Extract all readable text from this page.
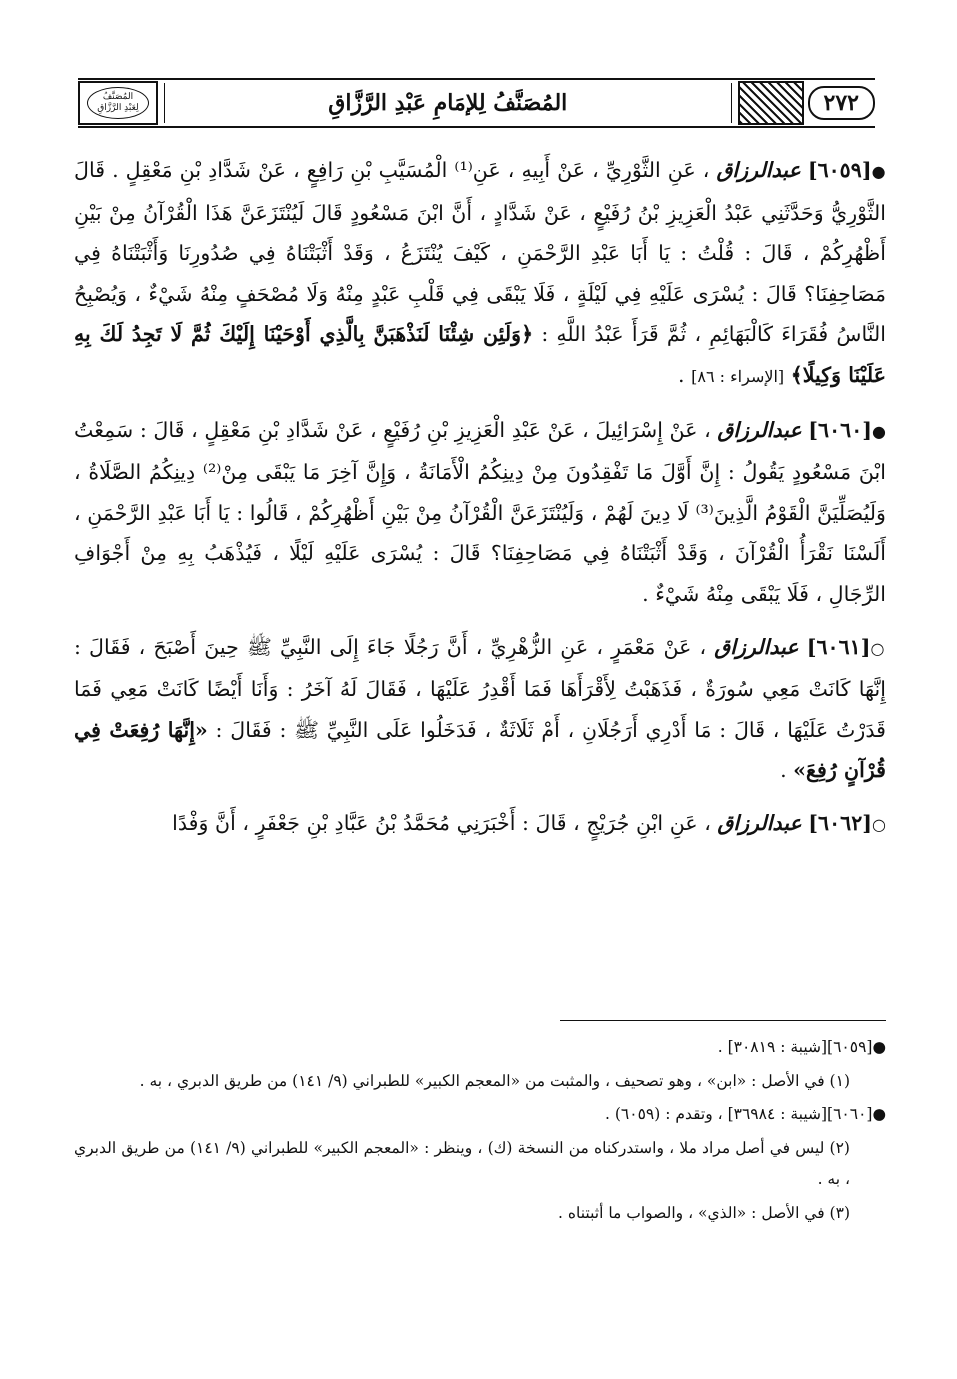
٢٧٢
المُصَنَّفُ لِلإمَامِ عَبْدِ الرَّزَّاقِ
المُصَنَّفُ
لِعَبْدِ الرَّزَّاقِ

●[٦٠٥٩] عبدالرزاق ، عَنِ الثَّوْرِيِّ ، عَنْ أَبِيهِ ، عَنِ⁽¹⁾ الْمُسَيَّبِ بْنِ رَافِعٍ ، عَنْ شَدَّادِ بْنِ مَعْقِلٍ . قَالَ الثَّوْرِيُّ وَحَدَّثَنِي عَبْدُ الْعَزِيزِ بْنُ رُفَيْعٍ ، عَنْ شَدَّادٍ ، أَنَّ ابْنَ مَسْعُودٍ قَالَ لَيُنْتَزَعَنَّ هَذَا الْقُرْآنُ مِنْ بَيْنِ أَظْهُرِكُمْ ، قَالَ : قُلْتُ : يَا أَبَا عَبْدِ الرَّحْمَنِ ، كَيْفَ يُنْتَزَعُ ، وَقَدْ أَثْبَتْنَاهُ فِي صُدُورِنَا وَأَثْبَتْنَاهُ فِي مَصَاحِفِنَا؟ قَالَ : يُسْرَى عَلَيْهِ فِي لَيْلَةٍ ، فَلَا يَبْقَى فِي قَلْبِ عَبْدٍ مِنْهُ وَلَا مُصْحَفٍ مِنْهُ شَيْءٌ ، وَيُصْبِحُ النَّاسُ فُقَرَاءَ كَالْبَهَائِمِ ، ثُمَّ قَرَأَ عَبْدُ اللَّهِ : ﴿وَلَئِن شِئْنَا لَنَذْهَبَنَّ بِالَّذِي أَوْحَيْنَا إِلَيْكَ ثُمَّ لَا تَجِدُ لَكَ بِهِ عَلَيْنَا وَكِيلًا﴾ [الإسراء : ٨٦] .

●[٦٠٦٠] عبدالرزاق ، عَنْ إِسْرَائِيلَ ، عَنْ عَبْدِ الْعَزِيزِ بْنِ رُفَيْعٍ ، عَنْ شَدَّادِ بْنِ مَعْقِلٍ ، قَالَ : سَمِعْتُ ابْنَ مَسْعُودٍ يَقُولُ : إِنَّ أَوَّلَ مَا تَفْقِدُونَ مِنْ دِينِكُمُ الْأَمَانَةُ ، وَإِنَّ آخِرَ مَا يَبْقَى مِنْ⁽²⁾ دِينِكُمُ الصَّلَاةُ ، وَلَيُصَلِّيَنَّ الْقَوْمُ الَّذِينَ⁽³⁾ لَا دِينَ لَهُمْ ، وَلَيُنْتَزَعَنَّ الْقُرْآنُ مِنْ بَيْنِ أَظْهُرِكُمْ ، قَالُوا : يَا أَبَا عَبْدِ الرَّحْمَنِ ، أَلَسْنَا نَقْرَأُ الْقُرْآنَ ، وَقَدْ أَثْبَتْنَاهُ فِي مَصَاحِفِنَا؟ قَالَ : يُسْرَى عَلَيْهِ لَيْلًا ، فَيُذْهَبُ بِهِ مِنْ أَجْوَافِ الرِّجَالِ ، فَلَا يَبْقَى مِنْهُ شَيْءٌ .

○[٦٠٦١] عبدالرزاق ، عَنْ مَعْمَرٍ ، عَنِ الزُّهْرِيِّ ، أَنَّ رَجُلًا جَاءَ إِلَى النَّبِيِّ ﷺ حِينَ أَصْبَحَ ، فَقَالَ : إِنَّهَا كَانَتْ مَعِي سُورَةٌ ، فَذَهَبْتُ لِأَقْرَأَهَا فَمَا أَقْدِرُ عَلَيْهَا ، فَقَالَ لَهُ آخَرُ : وَأَنَا أَيْضًا كَانَتْ مَعِي فَمَا قَدَرْتُ عَلَيْهَا ، قَالَ : مَا أَدْرِي أَرَجُلَانِ ، أَمْ ثَلَاثَةٌ ، فَدَخَلُوا عَلَى النَّبِيِّ ﷺ : فَقَالَ : «إِنَّهَا رُفِعَتْ فِي قُرْآنٍ رُفِعَ» .

○[٦٠٦٢] عبدالرزاق ، عَنِ ابْنِ جُرَيْجٍ ، قَالَ : أَخْبَرَنِي مُحَمَّدُ بْنُ عَبَّادِ بْنِ جَعْفَرٍ ، أَنَّ وَفْدًا

●[٦٠٥٩][شيبة : ٣٠٨١٩] .

(١) في الأصل : «ابن» ، وهو تصحيف ، والمثبت من «المعجم الكبير» للطبراني (٩/ ١٤١) من طريق الدبري ، به .

●[٦٠٦٠][شيبة : ٣٦٩٨٤] ، وتقدم : (٦٠٥٩) .

(٢) ليس في أصل مراد ملا ، واستدركناه من النسخة (ك) ، وينظر : «المعجم الكبير» للطبراني (٩/ ١٤١) من طريق الدبري ، به .

(٣) في الأصل : «الذي» ، والصواب ما أثبتناه .
